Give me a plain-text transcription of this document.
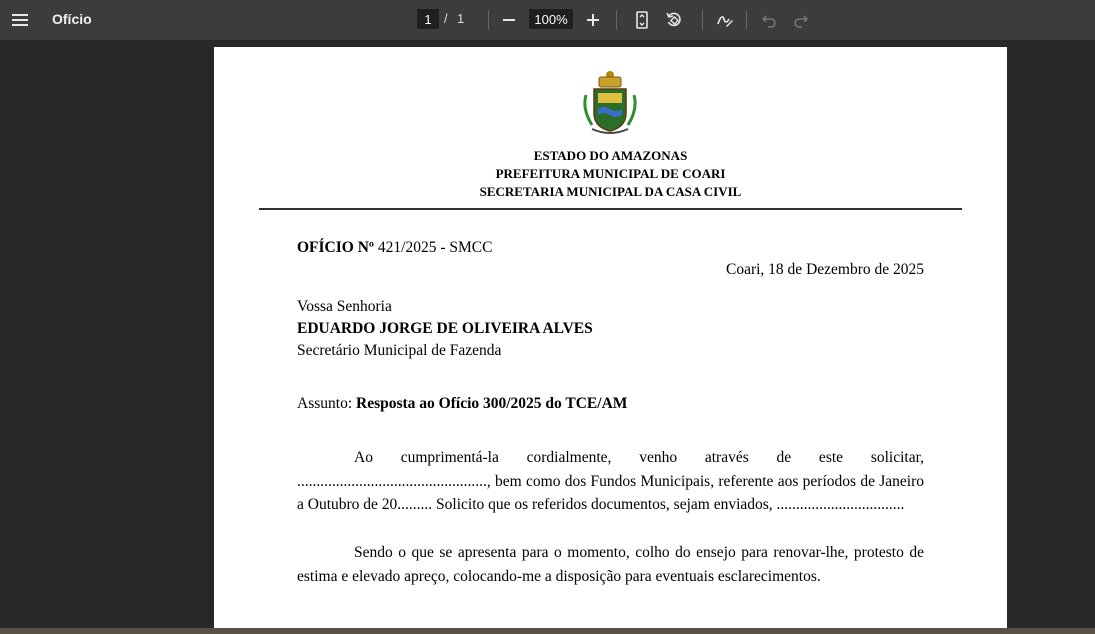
Ofício
1	/ 1
100%
ESTADO DO AMAZONAS
PREFEITURA MUNICIPAL DE COARI
SECRETARIA MUNICIPAL DA CASA CIVIL
OFÍCIO Nº 421/2025 - SMCC
Coari, 18 de Dezembro de 2025
Vossa Senhoria
EDUARDO JORGE DE OLIVEIRA ALVES
Secretário Municipal de Fazenda
Assunto: Resposta ao Ofício 300/2025 do TCE/AM
Ao cumprimentá-la cordialmente, venho através de este solicitar, ................................................., bem como dos Fundos Municipais, referente aos períodos de Janeiro a Outubro de 20......... Solicito que os referidos documentos, sejam enviados, .................................
Sendo o que se apresenta para o momento, colho do ensejo para renovar-lhe, protesto de estima e elevado apreço, colocando-me a disposição para eventuais esclarecimentos.
